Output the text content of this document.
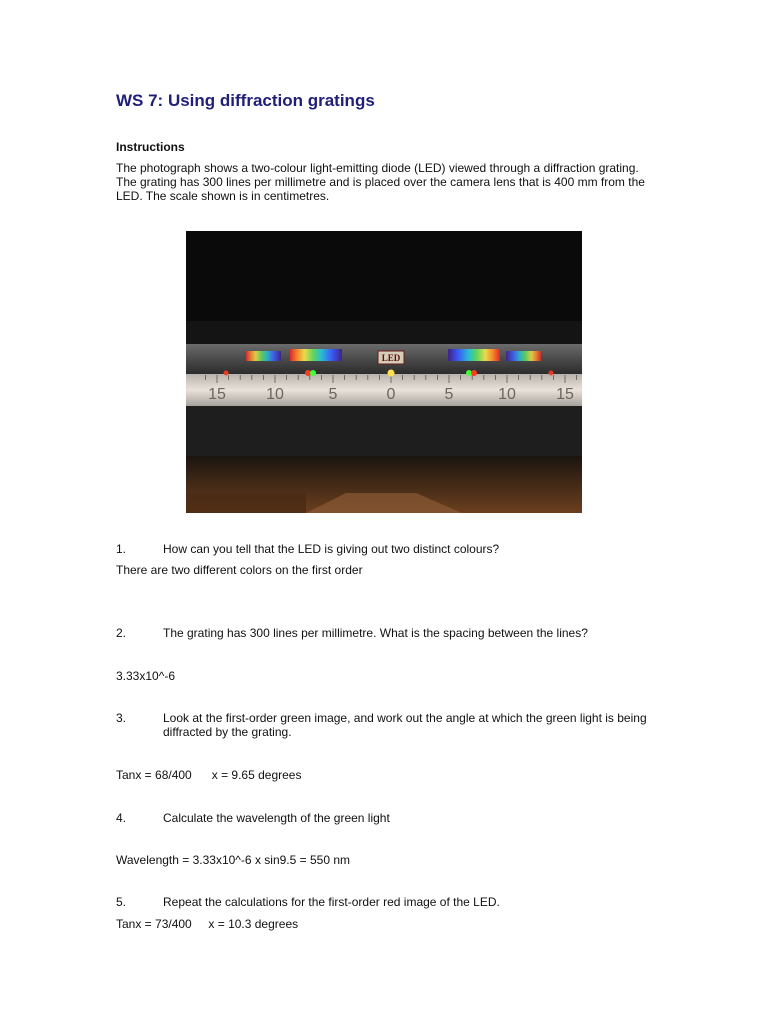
WS 7: Using diffraction gratings
Instructions

The photograph shows a two-colour light-emitting diode (LED) viewed through a diffraction grating. The grating has 300 lines per millimetre and is placed over the camera lens that is 400 mm from the LED. The scale shown is in centimetres.

LED
15	10	5	0	5	10	15
1.	How can you tell that the LED is giving out two distinct colours?
There are two different colors on the first order
2.	The grating has 300 lines per millimetre. What is the spacing between the lines?
3.33x10^-6
3.	Look at the first-order green image, and work out the angle at which the green light is being diffracted by the grating.
Tanx = 68/400      x = 9.65 degrees
4.	Calculate the wavelength of the green light
Wavelength = 3.33x10^-6 x sin9.5 = 550 nm
5.	Repeat the calculations for the first-order red image of the LED.
Tanx = 73/400     x = 10.3 degrees
